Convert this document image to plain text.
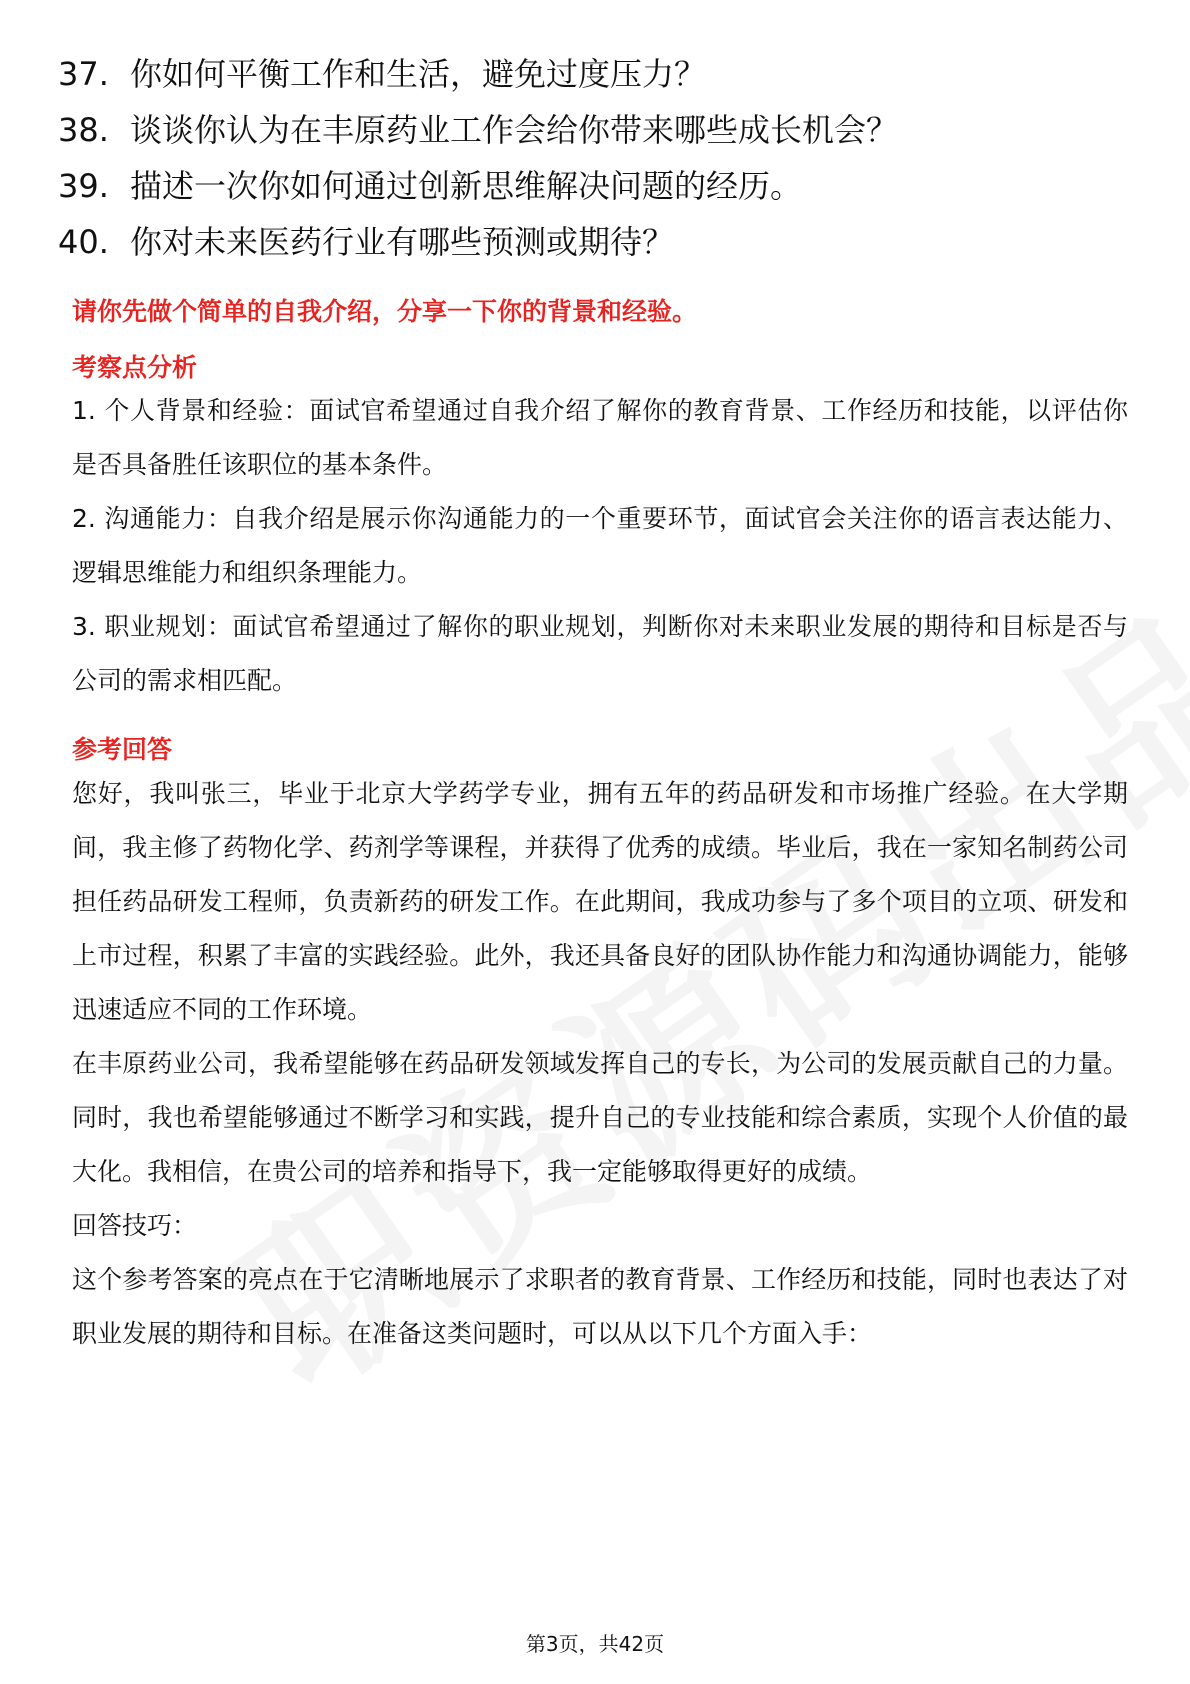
37. 你如何平衡工作和生活，避免过度压力？
38. 谈谈你认为在丰原药业工作会给你带来哪些成长机会？
39. 描述一次你如何通过创新思维解决问题的经历。
40. 你对未来医药行业有哪些预测或期待？
请你先做个简单的自我介绍，分享一下你的背景和经验。
考察点分析

1. 个人背景和经验：面试官希望通过自我介绍了解你的教育背景、工作经历和技能，以评估你是否具备胜任该职位的基本条件。

2. 沟通能力：自我介绍是展示你沟通能力的一个重要环节，面试官会关注你的语言表达能力、逻辑思维能力和组织条理能力。

3. 职业规划：面试官希望通过了解你的职业规划，判断你对未来职业发展的期待和目标是否与公司的需求相匹配。

参考回答

您好，我叫张三，毕业于北京大学药学专业，拥有五年的药品研发和市场推广经验。在大学期间，我主修了药物化学、药剂学等课程，并获得了优秀的成绩。毕业后，我在一家知名制药公司担任药品研发工程师，负责新药的研发工作。在此期间，我成功参与了多个项目的立项、研发和上市过程，积累了丰富的实践经验。此外，我还具备良好的团队协作能力和沟通协调能力，能够迅速适应不同的工作环境。

在丰原药业公司，我希望能够在药品研发领域发挥自己的专长，为公司的发展贡献自己的力量。同时，我也希望能够通过不断学习和实践，提升自己的专业技能和综合素质，实现个人价值的最大化。我相信，在贵公司的培养和指导下，我一定能够取得更好的成绩。

回答技巧：

这个参考答案的亮点在于它清晰地展示了求职者的教育背景、工作经历和技能，同时也表达了对职业发展的期待和目标。在准备这类问题时，可以从以下几个方面入手：

第3页，共42页
